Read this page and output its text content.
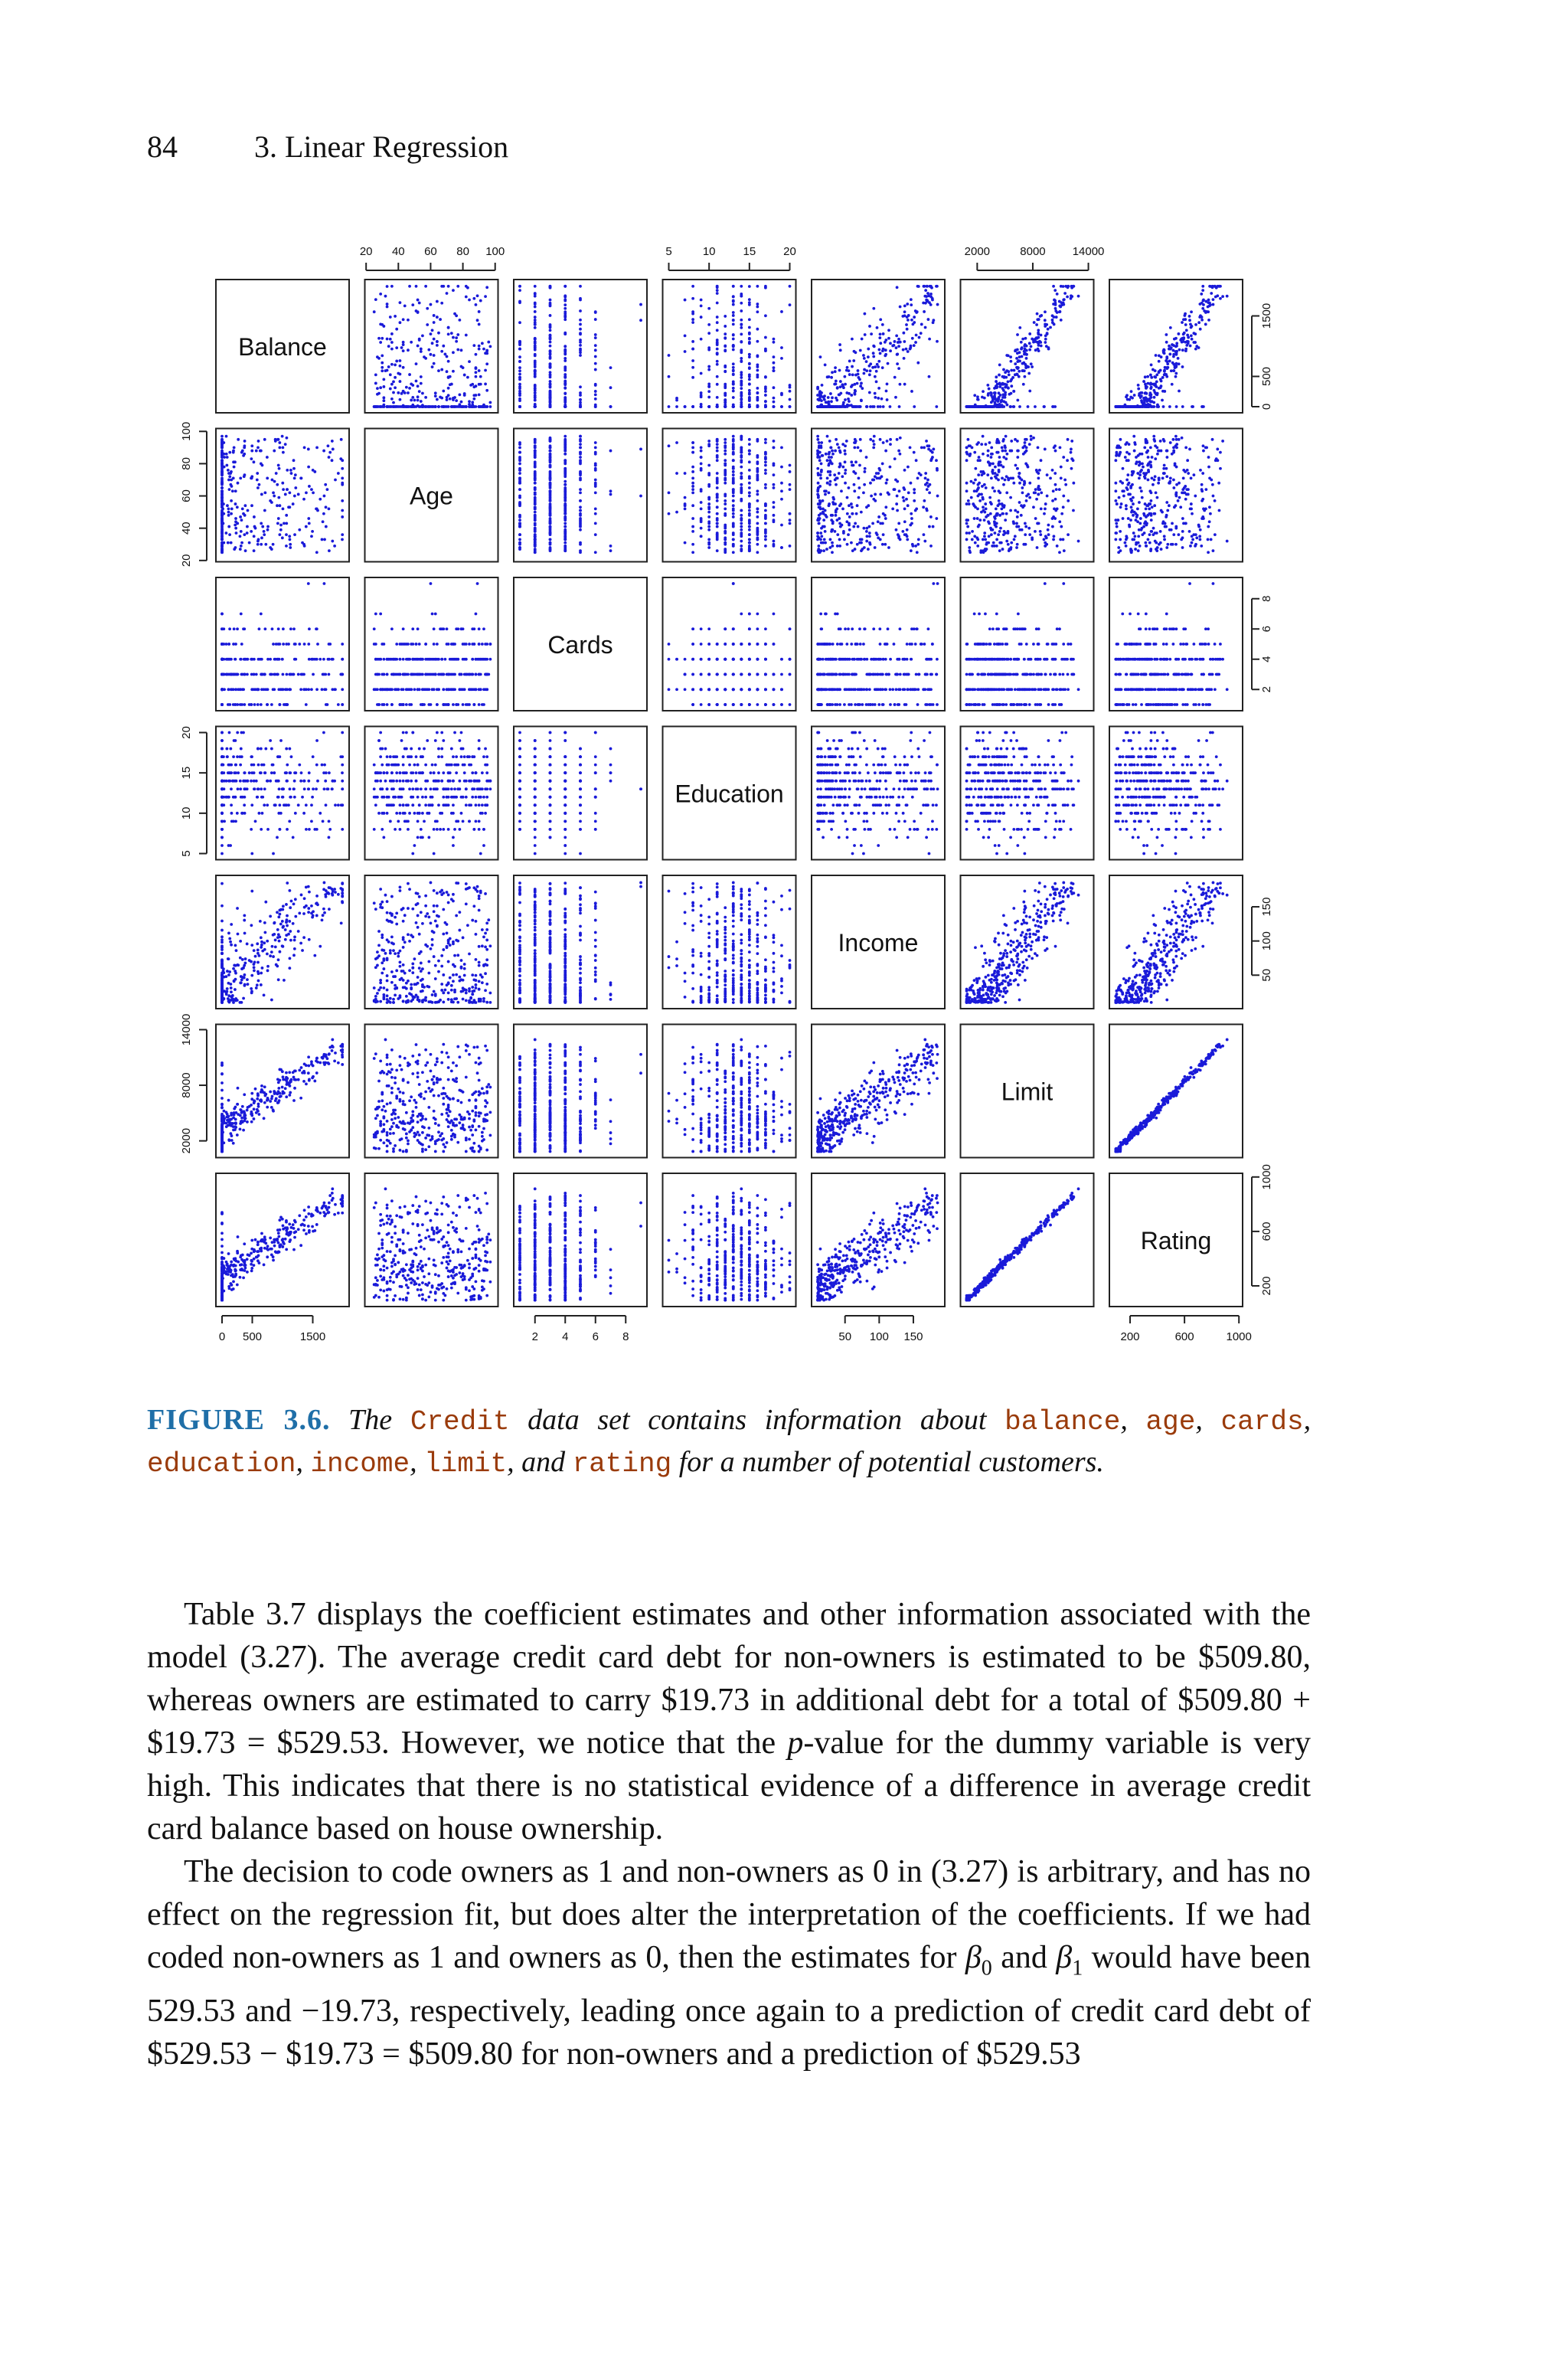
84	3. Linear Regression
Balance
Age
Cards
Education
Income
Limit
Rating
20 40 60 80 100	5	10 15 20	2000	8000 14000
0 500	1500	2 4 6 8	50 100 150	200	600	1000
20
40
60
80
100
5
10
15
20
2000
8000
14000
0
500
1500
2
4
6
8
50
100
150
200
600
1000
FIGURE 3.6. The Credit data set contains information about balance, age, cards, education, income, limit, and rating for a number of potential customers.

Table 3.7 displays the coefficient estimates and other information associated with the model (3.27). The average credit card debt for non-owners is estimated to be $509.80, whereas owners are estimated to carry $19.73 in additional debt for a total of $509.80 + $19.73 = $529.53. However, we notice that the p-value for the dummy variable is very high. This indicates that there is no statistical evidence of a difference in average credit card balance based on house ownership.

The decision to code owners as 1 and non-owners as 0 in (3.27) is arbitrary, and has no effect on the regression fit, but does alter the interpretation of the coefficients. If we had coded non-owners as 1 and owners as 0, then the estimates for $\beta_0$ and $\beta_1$ would have been 529.53 and −19.73, respectively, leading once again to a prediction of credit card debt of $529.53 − $19.73 = $509.80 for non-owners and a prediction of $529.53
